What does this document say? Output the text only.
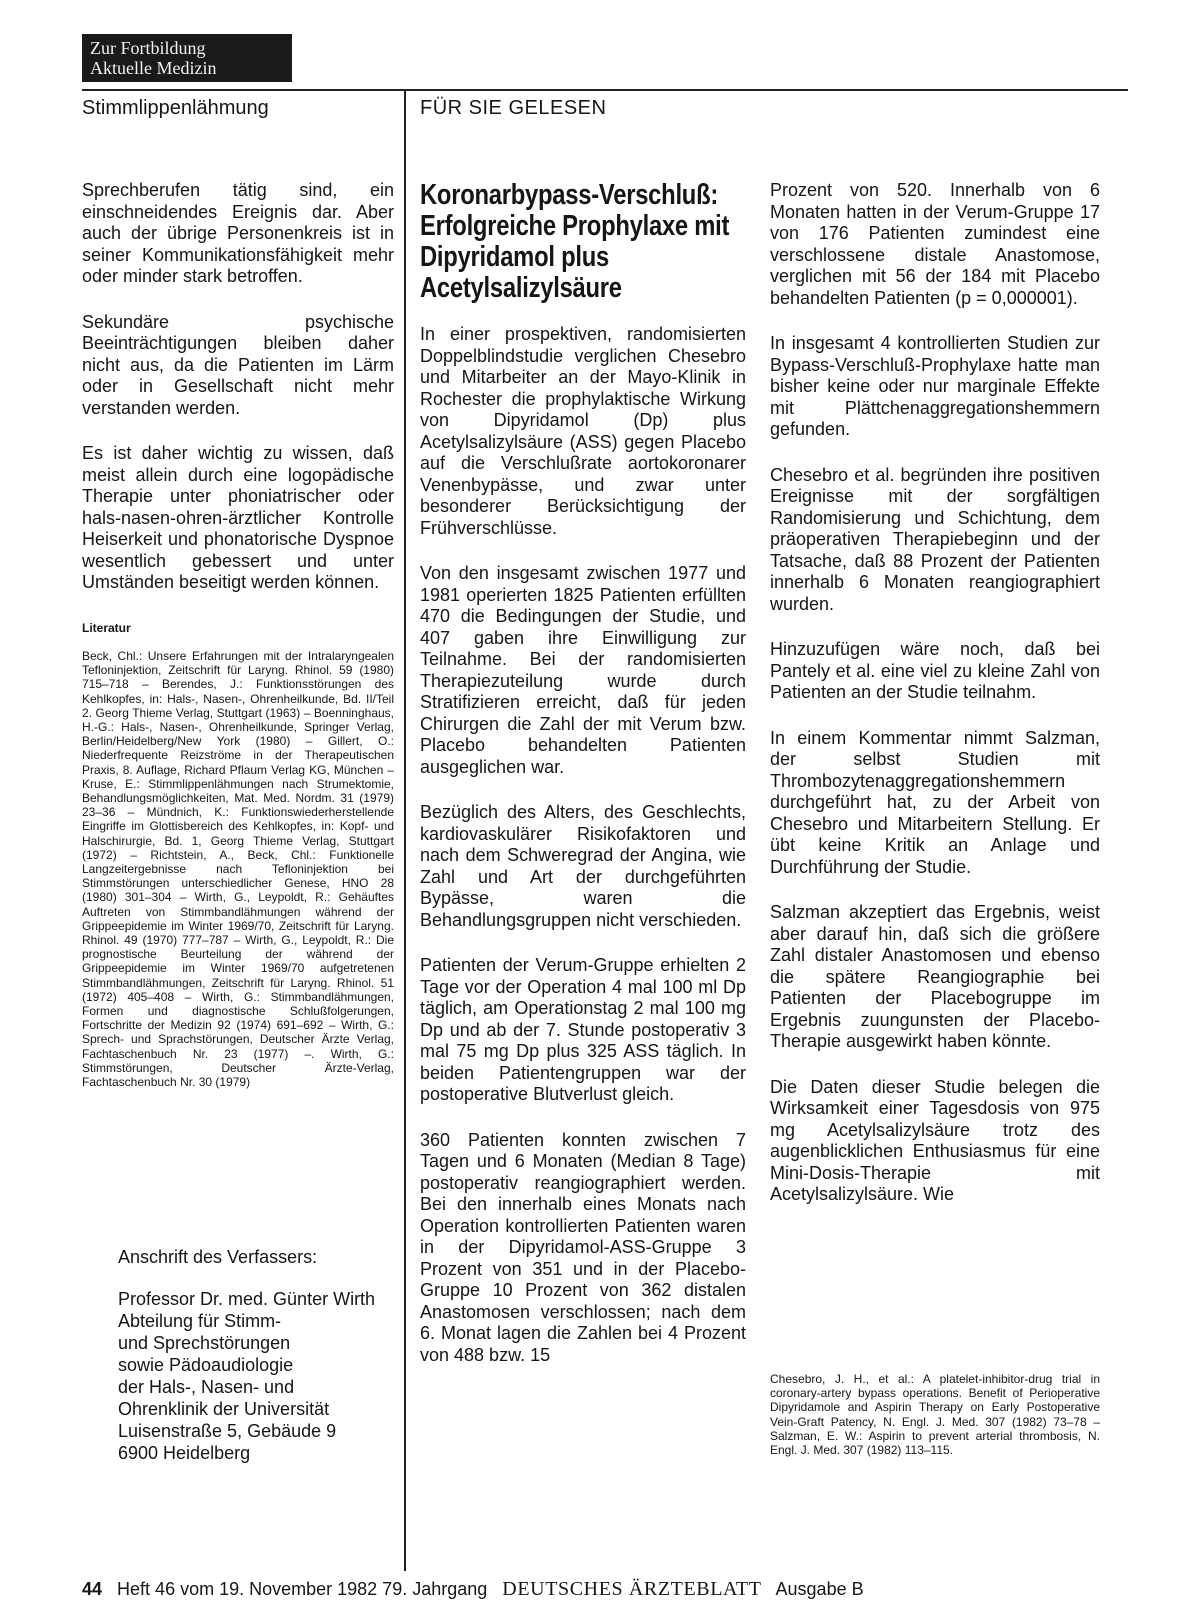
Zur Fortbildung
Aktuelle Medizin
Stimmlippenlähmung	FÜR SIE GELESEN

Sprechberufen tätig sind, ein einschneidendes Ereignis dar. Aber auch der übrige Personenkreis ist in seiner Kommunikationsfähigkeit mehr oder minder stark betroffen.

Sekundäre psychische Beeinträchtigungen bleiben daher nicht aus, da die Patienten im Lärm oder in Gesellschaft nicht mehr verstanden werden.

Es ist daher wichtig zu wissen, daß meist allein durch eine logopädische Therapie unter phoniatrischer oder hals-nasen-ohren-ärztlicher Kontrolle Heiserkeit und phonatorische Dyspnoe wesentlich gebessert und unter Umständen beseitigt werden können.

Literatur

Beck, Chl.: Unsere Erfahrungen mit der Intralaryngealen Tefloninjektion, Zeitschrift für Laryng. Rhinol. 59 (1980) 715–718 – Berendes, J.: Funktionsstörungen des Kehlkopfes, in: Hals-, Nasen-, Ohrenheilkunde, Bd. II/Teil 2. Georg Thieme Verlag, Stuttgart (1963) – Boenninghaus, H.-G.: Hals-, Nasen-, Ohrenheilkunde, Springer Verlag, Berlin/Heidelberg/New York (1980) – Gillert, O.: Niederfrequente Reizströme in der Therapeutischen Praxis, 8. Auflage, Richard Pflaum Verlag KG, München – Kruse, E.: Stimmlippenlähmungen nach Strumektomie, Behandlungsmöglichkeiten, Mat. Med. Nordm. 31 (1979) 23–36 – Mündnich, K.: Funktionswiederherstellende Eingriffe im Glottisbereich des Kehlkopfes, in: Kopf- und Halschirurgie, Bd. 1, Georg Thieme Verlag, Stuttgart (1972) – Richtstein, A., Beck, Chl.: Funktionelle Langzeitergebnisse nach Tefloninjektion bei Stimmstörungen unterschiedlicher Genese, HNO 28 (1980) 301–304 – Wirth, G., Leypoldt, R.: Gehäuftes Auftreten von Stimmbandlähmungen während der Grippeepidemie im Winter 1969/70, Zeitschrift für Laryng. Rhinol. 49 (1970) 777–787 – Wirth, G., Leypoldt, R.: Die prognostische Beurteilung der während der Grippeepidemie im Winter 1969/70 aufgetretenen Stimmbandlähmungen, Zeitschrift für Laryng. Rhinol. 51 (1972) 405–408 – Wirth, G.: Stimmbandlähmungen, Formen und diagnostische Schlußfolgerungen, Fortschritte der Medizin 92 (1974) 691–692 – Wirth, G.: Sprech- und Sprachstörungen, Deutscher Ärzte Verlag, Fachtaschenbuch Nr. 23 (1977) –. Wirth, G.: Stimmstörungen, Deutscher Ärzte-Verlag, Fachtaschenbuch Nr. 30 (1979)

Anschrift des Verfassers:
Professor Dr. med. Günter Wirth
Abteilung für Stimm-
und Sprechstörungen
sowie Pädoaudiologie
der Hals-, Nasen- und
Ohrenklinik der Universität
Luisenstraße 5, Gebäude 9
6900 Heidelberg
Koronarbypass-Verschluß: Erfolgreiche Prophylaxe mit Dipyridamol plus Acetylsalizylsäure

In einer prospektiven, randomisierten Doppelblindstudie verglichen Chesebro und Mitarbeiter an der Mayo-Klinik in Rochester die prophylaktische Wirkung von Dipyridamol (Dp) plus Acetylsalizylsäure (ASS) gegen Placebo auf die Verschlußrate aortokoronarer Venenbypässe, und zwar unter besonderer Berücksichtigung der Frühverschlüsse.

Von den insgesamt zwischen 1977 und 1981 operierten 1825 Patienten erfüllten 470 die Bedingungen der Studie, und 407 gaben ihre Einwilligung zur Teilnahme. Bei der randomisierten Therapiezuteilung wurde durch Stratifizieren erreicht, daß für jeden Chirurgen die Zahl der mit Verum bzw. Placebo behandelten Patienten ausgeglichen war.

Bezüglich des Alters, des Geschlechts, kardiovaskulärer Risikofaktoren und nach dem Schweregrad der Angina, wie Zahl und Art der durchgeführten Bypässe, waren die Behandlungsgruppen nicht verschieden.

Patienten der Verum-Gruppe erhielten 2 Tage vor der Operation 4 mal 100 ml Dp täglich, am Operationstag 2 mal 100 mg Dp und ab der 7. Stunde postoperativ 3 mal 75 mg Dp plus 325 ASS täglich. In beiden Patientengruppen war der postoperative Blutverlust gleich.

360 Patienten konnten zwischen 7 Tagen und 6 Monaten (Median 8 Tage) postoperativ reangiographiert werden. Bei den innerhalb eines Monats nach Operation kontrollierten Patienten waren in der Dipyridamol-ASS-Gruppe 3 Prozent von 351 und in der Placebo-Gruppe 10 Prozent von 362 distalen Anastomosen verschlossen; nach dem 6. Monat lagen die Zahlen bei 4 Prozent von 488 bzw. 15

Prozent von 520. Innerhalb von 6 Monaten hatten in der Verum-Gruppe 17 von 176 Patienten zumindest eine verschlossene distale Anastomose, verglichen mit 56 der 184 mit Placebo behandelten Patienten (p = 0,000001).

In insgesamt 4 kontrollierten Studien zur Bypass-Verschluß-Prophylaxe hatte man bisher keine oder nur marginale Effekte mit Plättchenaggregationshemmern gefunden.

Chesebro et al. begründen ihre positiven Ereignisse mit der sorgfältigen Randomisierung und Schichtung, dem präoperativen Therapiebeginn und der Tatsache, daß 88 Prozent der Patienten innerhalb 6 Monaten reangiographiert wurden.

Hinzuzufügen wäre noch, daß bei Pantely et al. eine viel zu kleine Zahl von Patienten an der Studie teilnahm.

In einem Kommentar nimmt Salzman, der selbst Studien mit Thrombozytenaggregationshemmern durchgeführt hat, zu der Arbeit von Chesebro und Mitarbeitern Stellung. Er übt keine Kritik an Anlage und Durchführung der Studie.

Salzman akzeptiert das Ergebnis, weist aber darauf hin, daß sich die größere Zahl distaler Anastomosen und ebenso die spätere Reangiographie bei Patienten der Placebogruppe im Ergebnis zuungunsten der Placebo-Therapie ausgewirkt haben könnte.

Die Daten dieser Studie belegen die Wirksamkeit einer Tagesdosis von 975 mg Acetylsalizylsäure trotz des augenblicklichen Enthusiasmus für eine Mini-Dosis-Therapie mit Acetylsalizylsäure. Wie

Chesebro, J. H., et al.: A platelet-inhibitor-drug trial in coronary-artery bypass operations. Benefit of Perioperative Dipyridamole and Aspirin Therapy on Early Postoperative Vein-Graft Patency, N. Engl. J. Med. 307 (1982) 73–78 – Salzman, E. W.: Aspirin to prevent arterial thrombosis, N. Engl. J. Med. 307 (1982) 113–115.
44 Heft 46 vom 19. November 1982 79. Jahrgang DEUTSCHES ÄRZTEBLATT Ausgabe B
